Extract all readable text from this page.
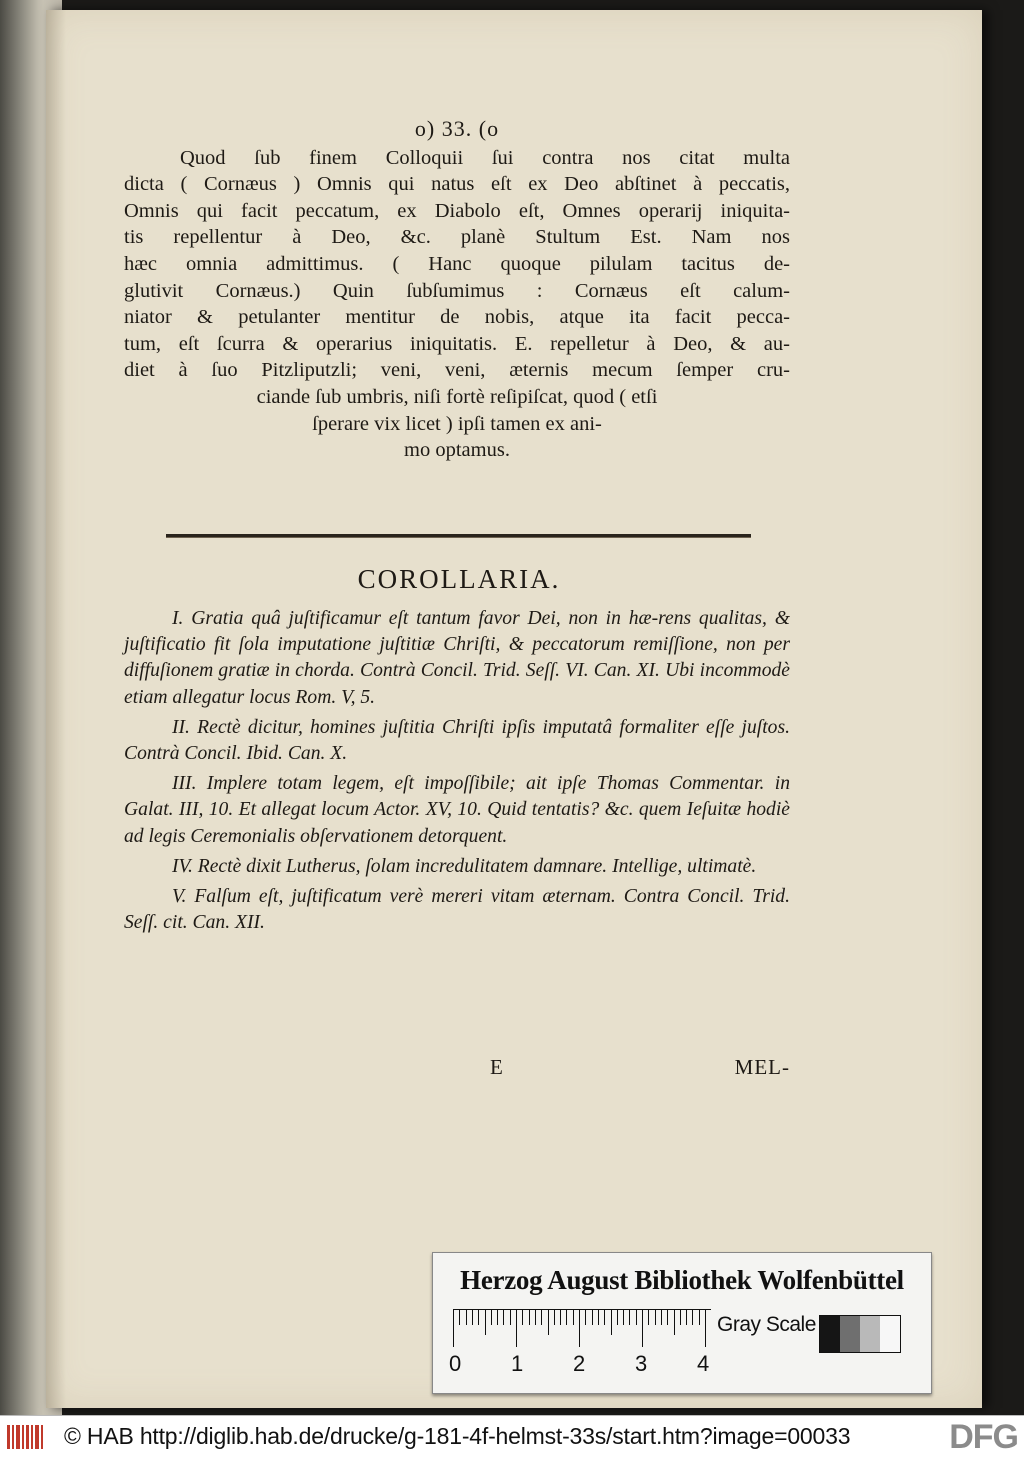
o) 33. (o
Quod ſub finem Colloquii ſui contra nos citat multa
dicta ( Cornæus ) Omnis qui natus eſt ex Deo abſtinet à peccatis,
Omnis qui facit peccatum, ex Diabolo eſt, Omnes operarij iniquita-
tis repellentur à Deo, &c. planè Stultum Est. Nam nos
hæc omnia admittimus. ( Hanc quoque pilulam tacitus de-
glutivit Cornæus.) Quin ſubſumimus : Cornæus eſt calum-
niator & petulanter mentitur de nobis, atque ita facit pecca-
tum, eſt ſcurra & operarius iniquitatis. E. repelletur à Deo, & au-
diet à ſuo Pitzliputzli; veni, veni, æternis mecum ſemper cru-
ciande ſub umbris, niſi fortè reſipiſcat, quod ( etſi
ſperare vix licet ) ipſi tamen ex ani-
mo optamus.
COROLLARIA.

I. Gratia quâ juſtificamur eſt tantum favor Dei, non in hæ-rens qualitas, & juſtificatio fit ſola imputatione juſtitiæ Chriſti, & peccatorum remiſſione, non per diffuſionem gratiæ in chorda. Contrà Concil. Trid. Seſſ. VI. Can. XI. Ubi incommodè etiam allegatur locus Rom. V, 5.

II. Rectè dicitur, homines juſtitia Chriſti ipſis imputatâ formaliter eſſe juſtos. Contrà Concil. Ibid. Can. X.

III. Implere totam legem, eſt impoſſibile; ait ipſe Thomas Commentar. in Galat. III, 10. Et allegat locum Actor. XV, 10. Quid tentatis? &c. quem Ieſuitæ hodiè ad legis Ceremonialis obſervationem detorquent.

IV. Rectè dixit Lutherus, ſolam incredulitatem damnare. Intellige, ultimatè.

V. Falſum eſt, juſtificatum verè mereri vitam æternam. Contra Concil. Trid. Seſſ. cit. Can. XII.

E	MEL-
Herzog August Bibliothek Wolfenbüttel
0 1 2 3 4
Gray Scale
© HAB http://diglib.hab.de/drucke/g-181-4f-helmst-33s/start.htm?image=00033	DFG
